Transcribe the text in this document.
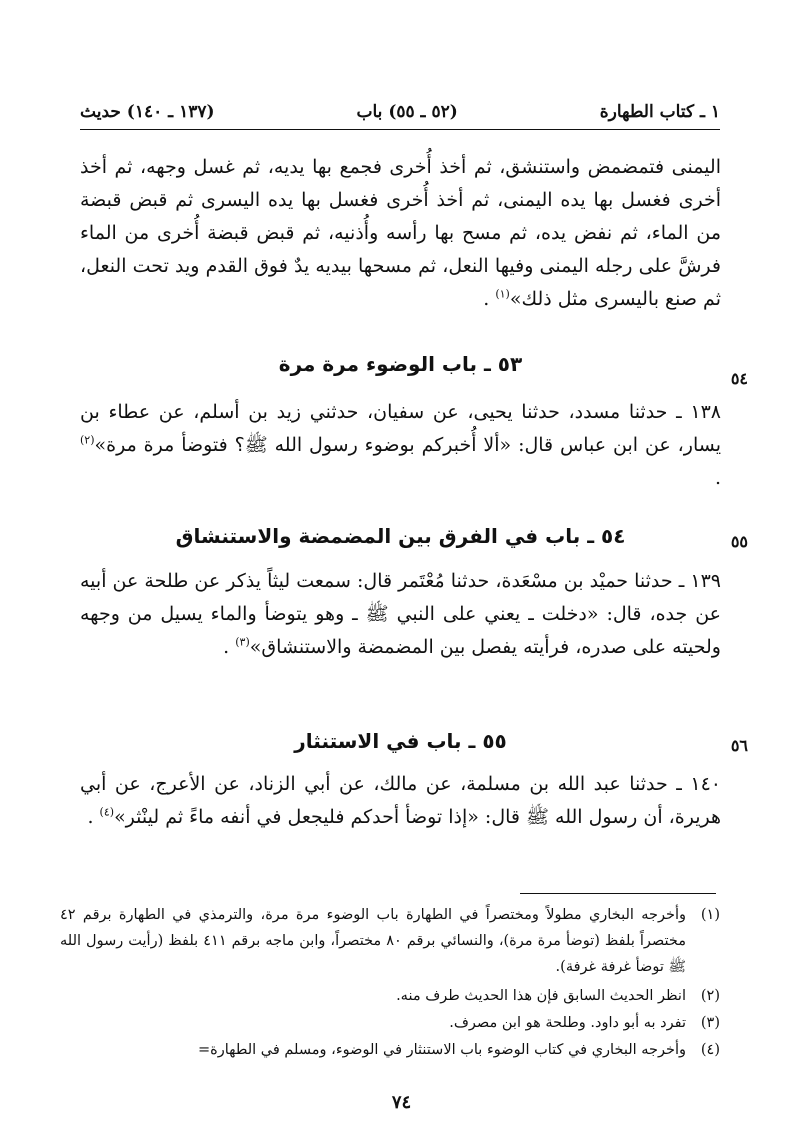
١ ـ كتاب الطهارة
(٥٢ ـ ٥٥) باب
(١٣٧ ـ ١٤٠) حديث
اليمنى فتمضمض واستنشق، ثم أخذ أُخرى فجمع بها يديه، ثم غسل وجهه، ثم أخذ أخرى فغسل بها يده اليمنى، ثم أخذ أُخرى فغسل بها يده اليسرى ثم قبض قبضة من الماء، ثم نفض يده، ثم مسح بها رأسه وأُذنيه، ثم قبض قبضة أُخرى من الماء فرشَّ على رجله اليمنى وفيها النعل، ثم مسحها بيديه يدٌ فوق القدم ويد تحت النعل، ثم صنع باليسرى مثل ذلك»$^{(١)}$ .
٥٤
٥٣ ـ باب الوضوء مرة مرة
١٣٨ ـ حدثنا مسدد، حدثنا يحيى، عن سفيان، حدثني زيد بن أسلم، عن عطاء بن يسار، عن ابن عباس قال: «ألا أُخبركم بوضوء رسول الله ﷺ؟ فتوضأ مرة مرة»$^{(٢)}$ .
٥٥
٥٤ ـ باب في الفرق بين المضمضة والاستنشاق
١٣٩ ـ حدثنا حميْد بن مسْعَدة، حدثنا مُعْتَمر قال: سمعت ليثاً يذكر عن طلحة عن أبيه عن جده، قال: «دخلت ـ يعني على النبي ﷺ ـ وهو يتوضأ والماء يسيل من وجهه ولحيته على صدره، فرأيته يفصل بين المضمضة والاستنشاق»$^{(٣)}$ .
٥٦
٥٥ ـ باب في الاستنثار
١٤٠ ـ حدثنا عبد الله بن مسلمة، عن مالك، عن أبي الزناد، عن الأعرج، عن أبي هريرة، أن رسول الله ﷺ قال: «إذا توضأ أحدكم فليجعل في أنفه ماءً ثم لينْثر»$^{(٤)}$ .
(١)
وأخرجه البخاري مطولاً ومختصراً في الطهارة باب الوضوء مرة مرة، والترمذي في الطهارة برقم ٤٢ مختصراً بلفظ (توضأ مرة مرة)، والنسائي برقم ٨٠ مختصراً، وابن ماجه برقم ٤١١ بلفظ (رأيت رسول الله ﷺ توضأ غرفة غرفة).
(٢)
انظر الحديث السابق فإن هذا الحديث طرف منه.
(٣)
تفرد به أبو داود. وطلحة هو ابن مصرف.
(٤)
وأخرجه البخاري في كتاب الوضوء باب الاستنثار في الوضوء، ومسلم في الطهارة=
٧٤
